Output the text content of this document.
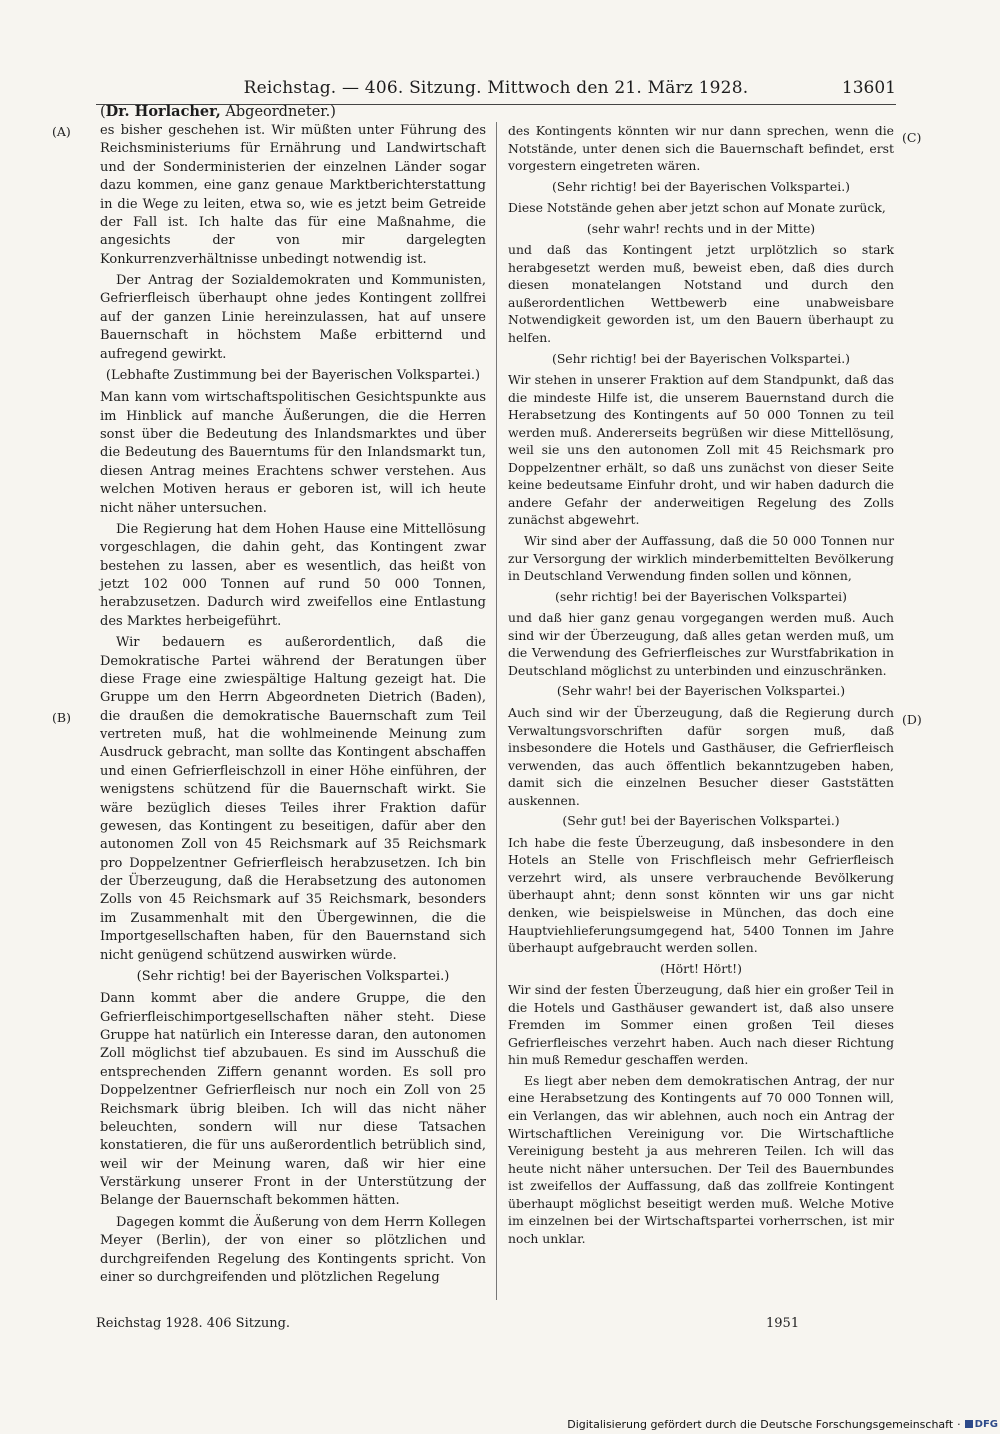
Reichstag. — 406. Sitzung. Mittwoch den 21. März 1928.	13601
(Dr. Horlacher, Abgeordneter.)

es bisher geschehen ist. Wir müßten unter Führung des Reichsministeriums für Ernährung und Landwirtschaft und der Sonderministerien der einzelnen Länder sogar dazu kommen, eine ganz genaue Marktberichterstattung in die Wege zu leiten, etwa so, wie es jetzt beim Getreide der Fall ist. Ich halte das für eine Maßnahme, die angesichts der von mir dargelegten Konkurrenzverhältnisse unbedingt notwendig ist.

Der Antrag der Sozialdemokraten und Kommunisten, Gefrierfleisch überhaupt ohne jedes Kontingent zollfrei auf der ganzen Linie hereinzulassen, hat auf unsere Bauernschaft in höchstem Maße erbitternd und aufregend gewirkt.

(Lebhafte Zustimmung bei der Bayerischen Volkspartei.)

Man kann vom wirtschaftspolitischen Gesichtspunkte aus im Hinblick auf manche Äußerungen, die die Herren sonst über die Bedeutung des Inlandsmarktes und über die Bedeutung des Bauerntums für den Inlandsmarkt tun, diesen Antrag meines Erachtens schwer verstehen. Aus welchen Motiven heraus er geboren ist, will ich heute nicht näher untersuchen.

Die Regierung hat dem Hohen Hause eine Mittellösung vorgeschlagen, die dahin geht, das Kontingent zwar bestehen zu lassen, aber es wesentlich, das heißt von jetzt 102 000 Tonnen auf rund 50 000 Tonnen, herabzusetzen. Dadurch wird zweifellos eine Entlastung des Marktes herbeigeführt.

Wir bedauern es außerordentlich, daß die Demokratische Partei während der Beratungen über diese Frage eine zwiespältige Haltung gezeigt hat. Die Gruppe um den Herrn Abgeordneten Dietrich (Baden), die draußen die demokratische Bauernschaft zum Teil vertreten muß, hat die wohlmeinende Meinung zum Ausdruck gebracht, man sollte das Kontingent abschaffen und einen Gefrierfleischzoll in einer Höhe einführen, der wenigstens schützend für die Bauernschaft wirkt. Sie wäre bezüglich dieses Teiles ihrer Fraktion dafür gewesen, das Kontingent zu beseitigen, dafür aber den autonomen Zoll von 45 Reichsmark auf 35 Reichsmark pro Doppelzentner Gefrierfleisch herabzusetzen. Ich bin der Überzeugung, daß die Herabsetzung des autonomen Zolls von 45 Reichsmark auf 35 Reichsmark, besonders im Zusammenhalt mit den Übergewinnen, die die Importgesellschaften haben, für den Bauernstand sich nicht genügend schützend auswirken würde.

(Sehr richtig! bei der Bayerischen Volkspartei.)

Dann kommt aber die andere Gruppe, die den Gefrierfleischimportgesellschaften näher steht. Diese Gruppe hat natürlich ein Interesse daran, den autonomen Zoll möglichst tief abzubauen. Es sind im Ausschuß die entsprechenden Ziffern genannt worden. Es soll pro Doppelzentner Gefrierfleisch nur noch ein Zoll von 25 Reichsmark übrig bleiben. Ich will das nicht näher beleuchten, sondern will nur diese Tatsachen konstatieren, die für uns außerordentlich betrüblich sind, weil wir der Meinung waren, daß wir hier eine Verstärkung unserer Front in der Unterstützung der Belange der Bauernschaft bekommen hätten.

Dagegen kommt die Äußerung von dem Herrn Kollegen Meyer (Berlin), der von einer so plötzlichen und durchgreifenden Regelung des Kontingents spricht. Von einer so durchgreifenden und plötzlichen Regelung

des Kontingents könnten wir nur dann sprechen, wenn die Notstände, unter denen sich die Bauernschaft befindet, erst vorgestern eingetreten wären.

(Sehr richtig! bei der Bayerischen Volkspartei.)

Diese Notstände gehen aber jetzt schon auf Monate zurück,

(sehr wahr! rechts und in der Mitte)

und daß das Kontingent jetzt urplötzlich so stark herabgesetzt werden muß, beweist eben, daß dies durch diesen monatelangen Notstand und durch den außerordentlichen Wettbewerb eine unabweisbare Notwendigkeit geworden ist, um den Bauern überhaupt zu helfen.

(Sehr richtig! bei der Bayerischen Volkspartei.)

Wir stehen in unserer Fraktion auf dem Standpunkt, daß das die mindeste Hilfe ist, die unserem Bauernstand durch die Herabsetzung des Kontingents auf 50 000 Tonnen zu teil werden muß. Andererseits begrüßen wir diese Mittellösung, weil sie uns den autonomen Zoll mit 45 Reichsmark pro Doppelzentner erhält, so daß uns zunächst von dieser Seite keine bedeutsame Einfuhr droht, und wir haben dadurch die andere Gefahr der anderweitigen Regelung des Zolls zunächst abgewehrt.

Wir sind aber der Auffassung, daß die 50 000 Tonnen nur zur Versorgung der wirklich minderbemittelten Bevölkerung in Deutschland Verwendung finden sollen und können,

(sehr richtig! bei der Bayerischen Volkspartei)

und daß hier ganz genau vorgegangen werden muß. Auch sind wir der Überzeugung, daß alles getan werden muß, um die Verwendung des Gefrierfleisches zur Wurstfabrikation in Deutschland möglichst zu unterbinden und einzuschränken.

(Sehr wahr! bei der Bayerischen Volkspartei.)

Auch sind wir der Überzeugung, daß die Regierung durch Verwaltungsvorschriften dafür sorgen muß, daß insbesondere die Hotels und Gasthäuser, die Gefrierfleisch verwenden, das auch öffentlich bekanntzugeben haben, damit sich die einzelnen Besucher dieser Gaststätten auskennen.

(Sehr gut! bei der Bayerischen Volkspartei.)

Ich habe die feste Überzeugung, daß insbesondere in den Hotels an Stelle von Frischfleisch mehr Gefrierfleisch verzehrt wird, als unsere verbrauchende Bevölkerung überhaupt ahnt; denn sonst könnten wir uns gar nicht denken, wie beispielsweise in München, das doch eine Hauptviehlieferungsumgegend hat, 5400 Tonnen im Jahre überhaupt aufgebraucht werden sollen.

(Hört! Hört!)

Wir sind der festen Überzeugung, daß hier ein großer Teil in die Hotels und Gasthäuser gewandert ist, daß also unsere Fremden im Sommer einen großen Teil dieses Gefrierfleisches verzehrt haben. Auch nach dieser Richtung hin muß Remedur geschaffen werden.

Es liegt aber neben dem demokratischen Antrag, der nur eine Herabsetzung des Kontingents auf 70 000 Tonnen will, ein Verlangen, das wir ablehnen, auch noch ein Antrag der Wirtschaftlichen Vereinigung vor. Die Wirtschaftliche Vereinigung besteht ja aus mehreren Teilen. Ich will das heute nicht näher untersuchen. Der Teil des Bauernbundes ist zweifellos der Auffassung, daß das zollfreie Kontingent überhaupt möglichst beseitigt werden muß. Welche Motive im einzelnen bei der Wirtschaftspartei vorherrschen, ist mir noch unklar.

(A)
(B)
(C)
(D)
Reichstag 1928. 406 Sitzung.	1951
Digitalisierung gefördert durch die Deutsche Forschungsgemeinschaft · DFG
